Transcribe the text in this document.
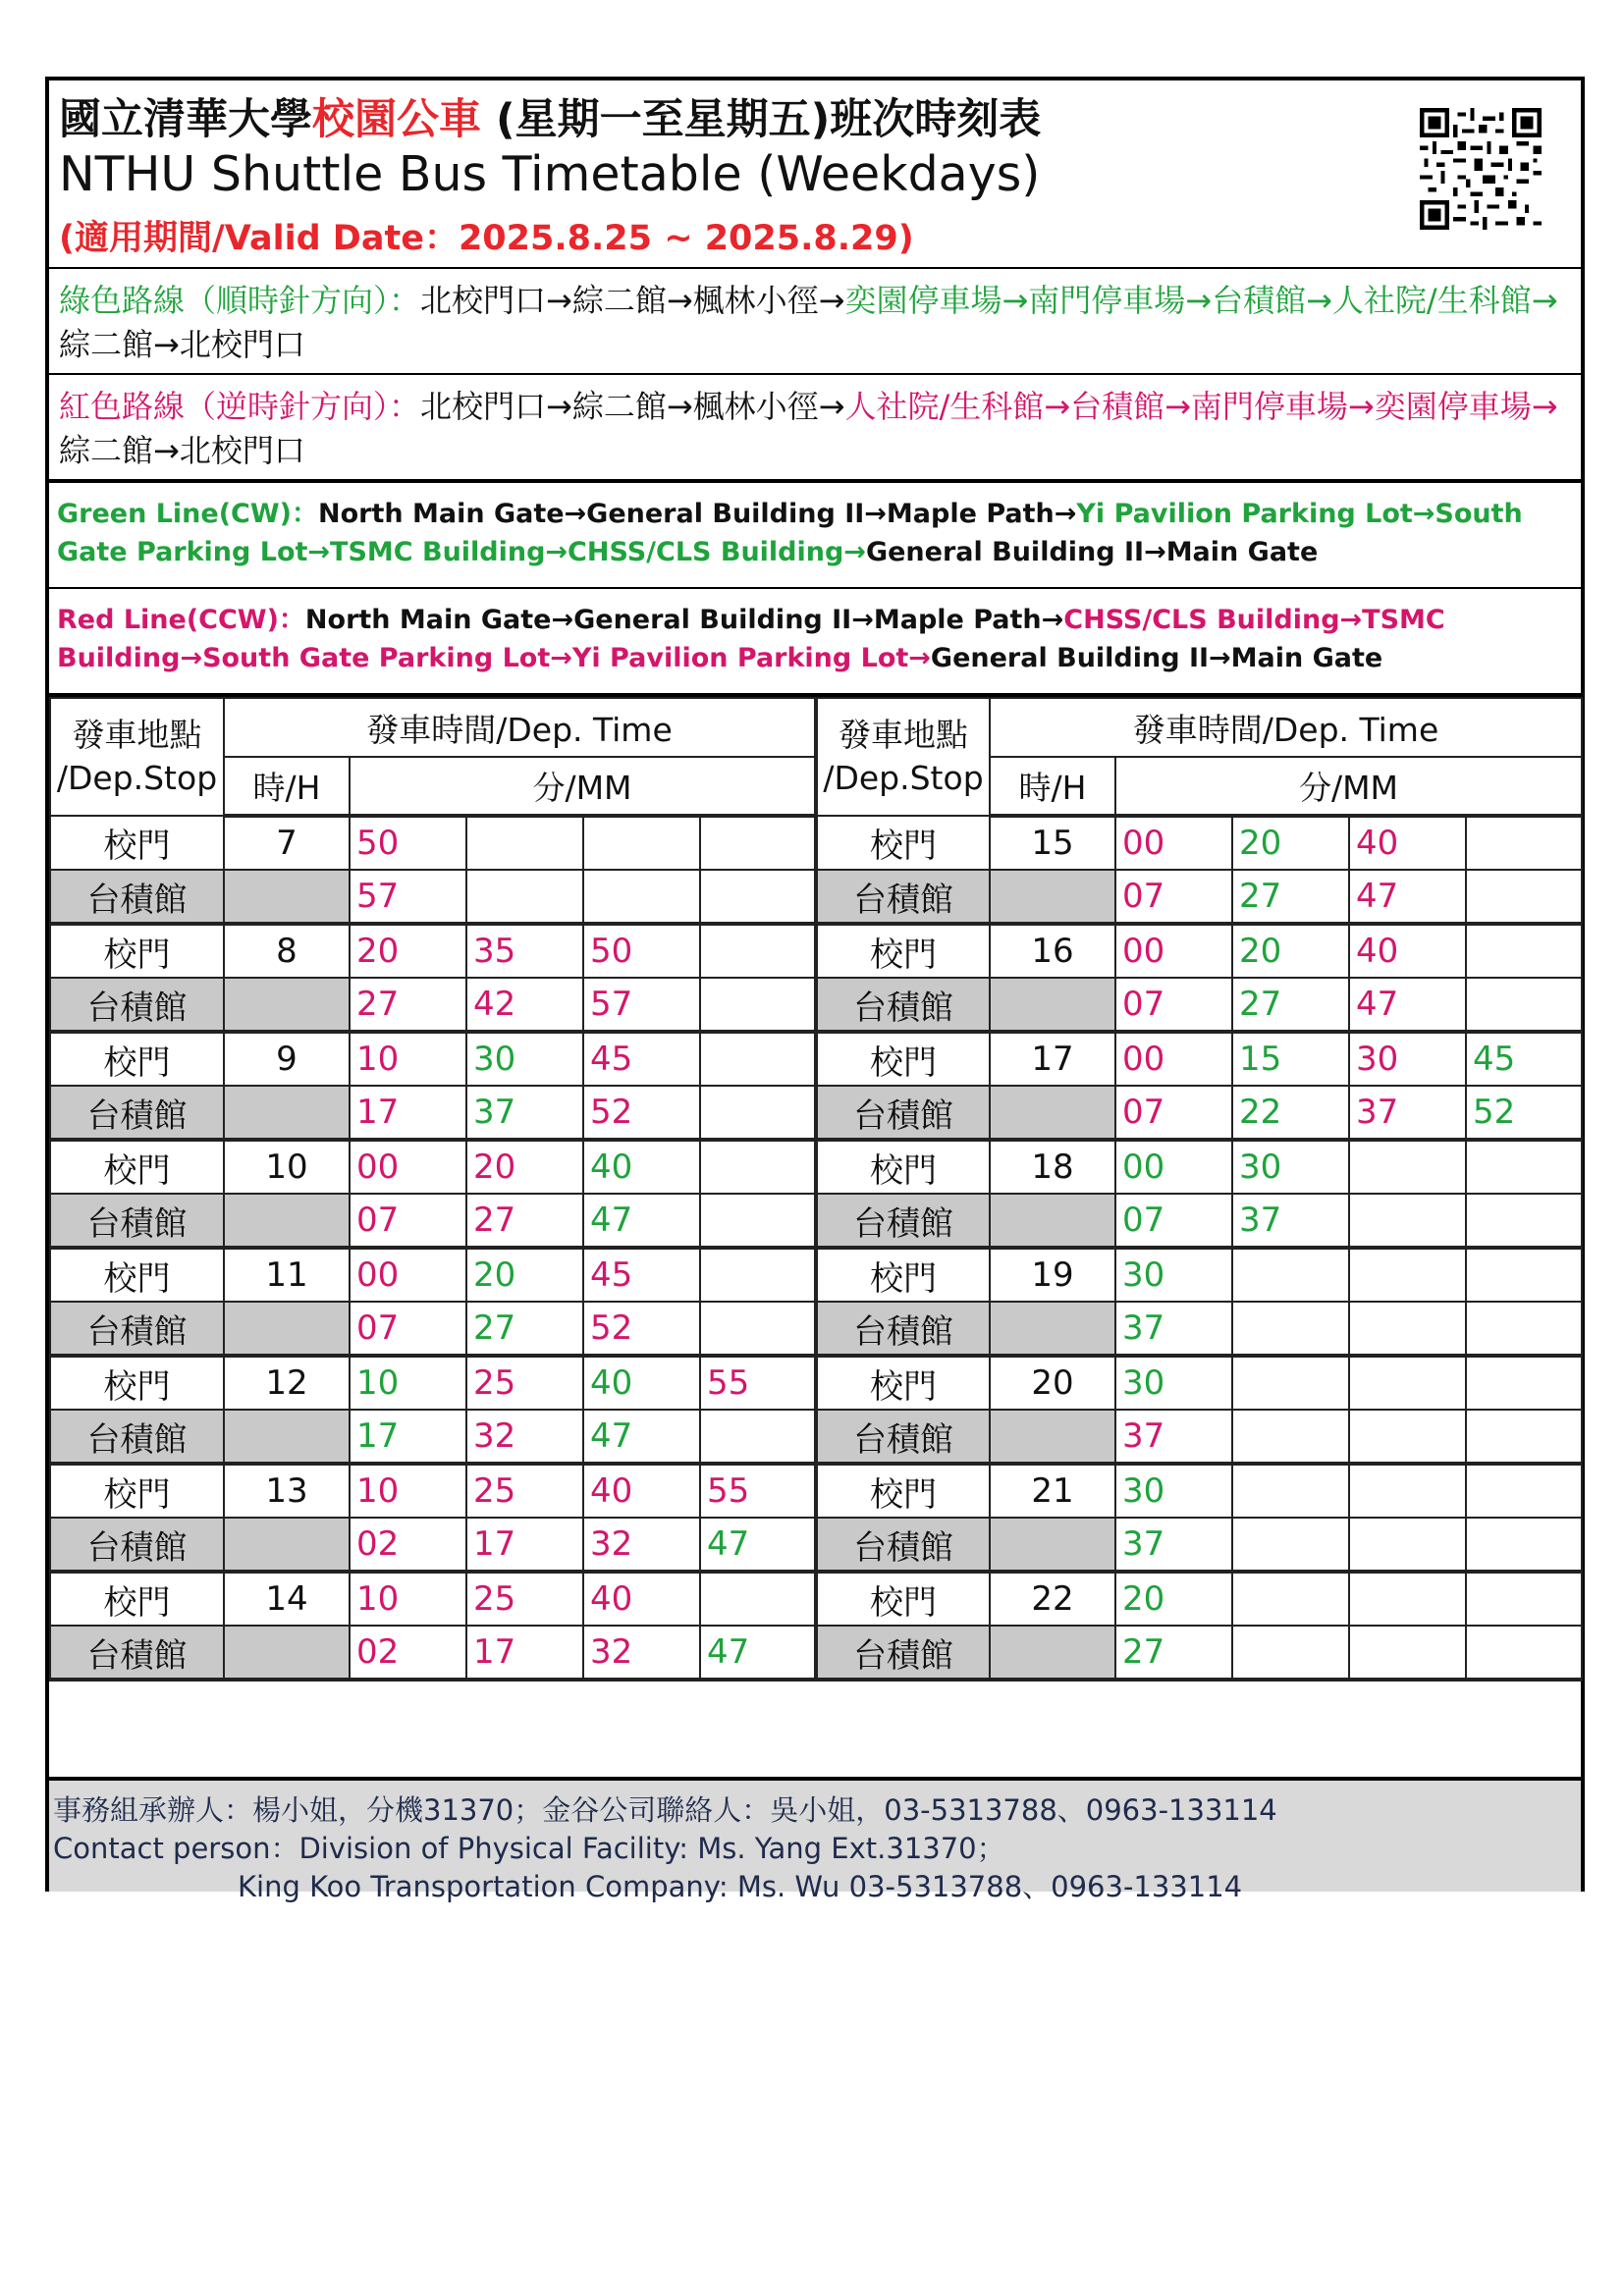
國立清華大學校園公車 (星期一至星期五)班次時刻表
NTHU Shuttle Bus Timetable (Weekdays)
(適用期間/Valid Date：2025.8.25 ~ 2025.8.29)
綠色路線（順時針方向）：北校門口→綜二館→楓林小徑→奕園停車場→南門停車場→台積館→人社院/生科館→綜二館→北校門口
紅色路線（逆時針方向）：北校門口→綜二館→楓林小徑→人社院/生科館→台積館→南門停車場→奕園停車場→綜二館→北校門口
Green Line(CW)：North Main Gate→General Building II→Maple Path→Yi Pavilion Parking Lot→South Gate Parking Lot→TSMC Building→CHSS/CLS Building→General Building II→Main Gate
Red Line(CCW)：North Main Gate→General Building II→Maple Path→CHSS/CLS Building→TSMC Building→South Gate Parking Lot→Yi Pavilion Parking Lot→General Building II→Main Gate
發車地點
/Dep.Stop	發車時間/Dep. Time					發車地點
/Dep.Stop	發車時間/Dep. Time				
	時/H	分/MM					時/H	分/MM			
校門	7	50				校門	15	00	20	40	
台積館		57				台積館		07	27	47	
校門	8	20	35	50		校門	16	00	20	40	
台積館		27	42	57		台積館		07	27	47	
校門	9	10	30	45		校門	17	00	15	30	45
台積館		17	37	52		台積館		07	22	37	52
校門	10	00	20	40		校門	18	00	30		
台積館		07	27	47		台積館		07	37		
校門	11	00	20	45		校門	19	30			
台積館		07	27	52		台積館		37			
校門	12	10	25	40	55	校門	20	30			
台積館		17	32	47		台積館		37			
校門	13	10	25	40	55	校門	21	30			
台積館		02	17	32	47	台積館		37			
校門	14	10	25	40		校門	22	20			
台積館		02	17	32	47	台積館		27			
事務組承辦人：楊小姐，分機31370；金谷公司聯絡人：吳小姐，03-5313788、0963-133114
Contact person：Division of Physical Facility: Ms. Yang Ext.31370；
King Koo Transportation Company: Ms. Wu 03-5313788、0963-133114
